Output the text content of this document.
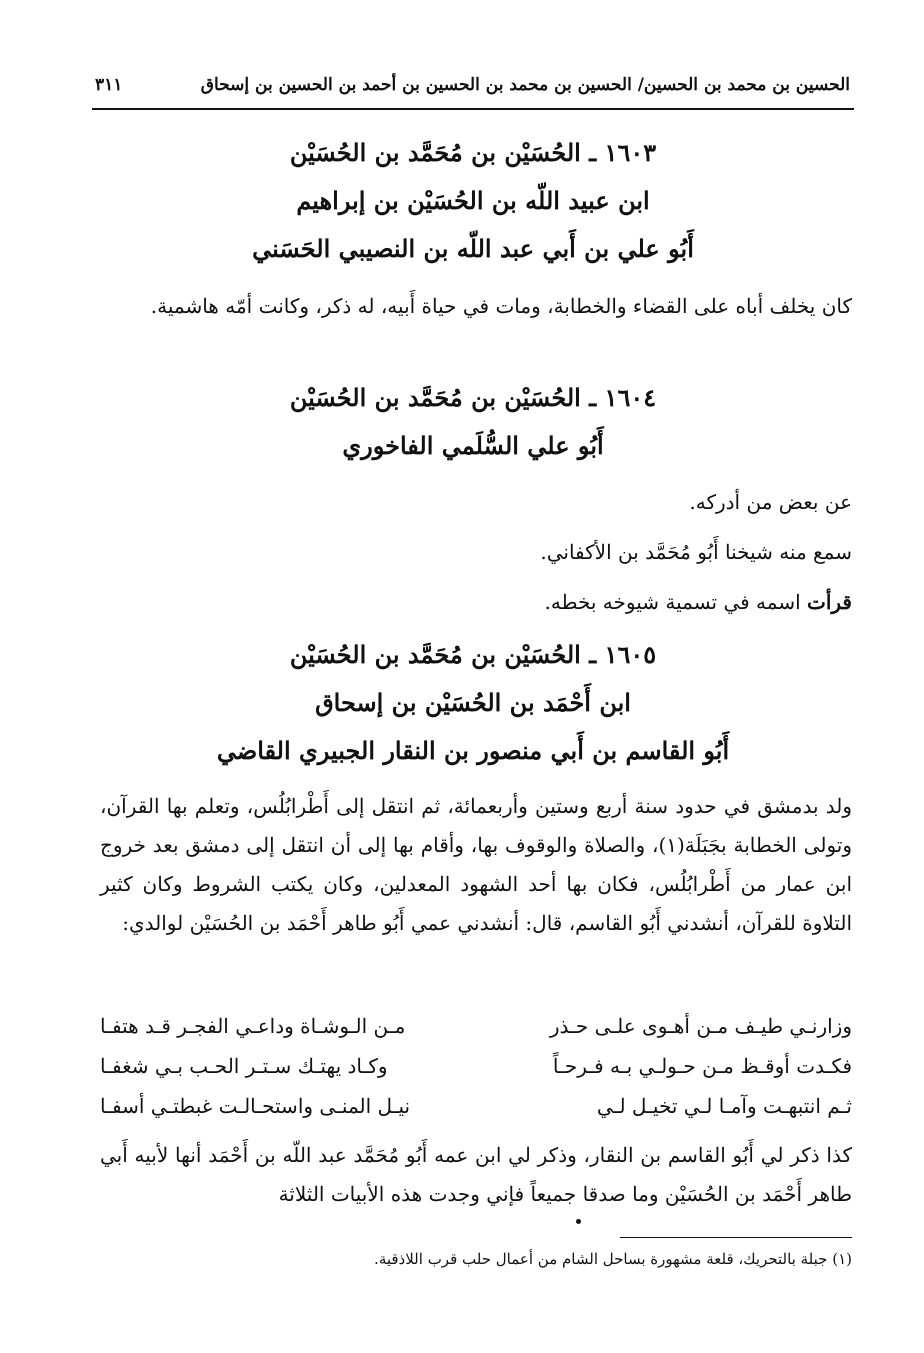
الحسين بن محمد بن الحسين/ الحسين بن محمد بن الحسين بن أحمد بن الحسين بن إسحاق
٣١١
١٦٠٣ ـ الحُسَيْن بن مُحَمَّد بن الحُسَيْن
ابن عبيد اللّه بن الحُسَيْن بن إبراهيم
أَبُو علي بن أَبي عبد اللّه بن النصيبي الحَسَني
كان يخلف أباه على القضاء والخطابة، ومات في حياة أَبيه، له ذكر، وكانت أمّه هاشمية.
١٦٠٤ ـ الحُسَيْن بن مُحَمَّد بن الحُسَيْن
أَبُو علي السُّلَمي الفاخوري
عن بعض من أدركه.
سمع منه شيخنا أَبُو مُحَمَّد بن الأكفاني.
قرأت اسمه في تسمية شيوخه بخطه.
١٦٠٥ ـ الحُسَيْن بن مُحَمَّد بن الحُسَيْن
ابن أَحْمَد بن الحُسَيْن بن إسحاق
أَبُو القاسم بن أَبي منصور بن النقار الجبيري القاضي
ولد بدمشق في حدود سنة أربع وستين وأربعمائة، ثم انتقل إلى أَطْرابُلُس، وتعلم بها القرآن، وتولى الخطابة بجَبَلَة(١)، والصلاة والوقوف بها، وأقام بها إلى أن انتقل إلى دمشق بعد خروج ابن عمار من أَطْرابُلُس، فكان بها أحد الشهود المعدلين، وكان يكتب الشروط وكان كثير التلاوة للقرآن، أنشدني أَبُو القاسم، قال: أنشدني عمي أَبُو طاهر أَحْمَد بن الحُسَيْن لوالدي:
وزارنـي طيـف مـن أهـوى علـى حـذر
مـن الـوشـاة وداعـي الفجـر قـد هتفـا
فكـدت أوقـظ مـن حـولـي بـه فـرحـاً
وكـاد يهتـك سـتـر الحـب بـي شغفـا
ثـم انتبهـت وآمـا لـي تخيـل لـي
نيـل المنـى واستحـالـت غبطتـي أسفـا
كذا ذكر لي أَبُو القاسم بن النقار، وذكر لي ابن عمه أَبُو مُحَمَّد عبد اللّه بن أَحْمَد أنها لأبيه أَبي طاهر أَحْمَد بن الحُسَيْن وما صدقا جميعاً فإني وجدت هذه الأبيات الثلاثة
(١) جبلة بالتحريك، قلعة مشهورة بساحل الشام من أعمال حلب قرب اللاذقية.
